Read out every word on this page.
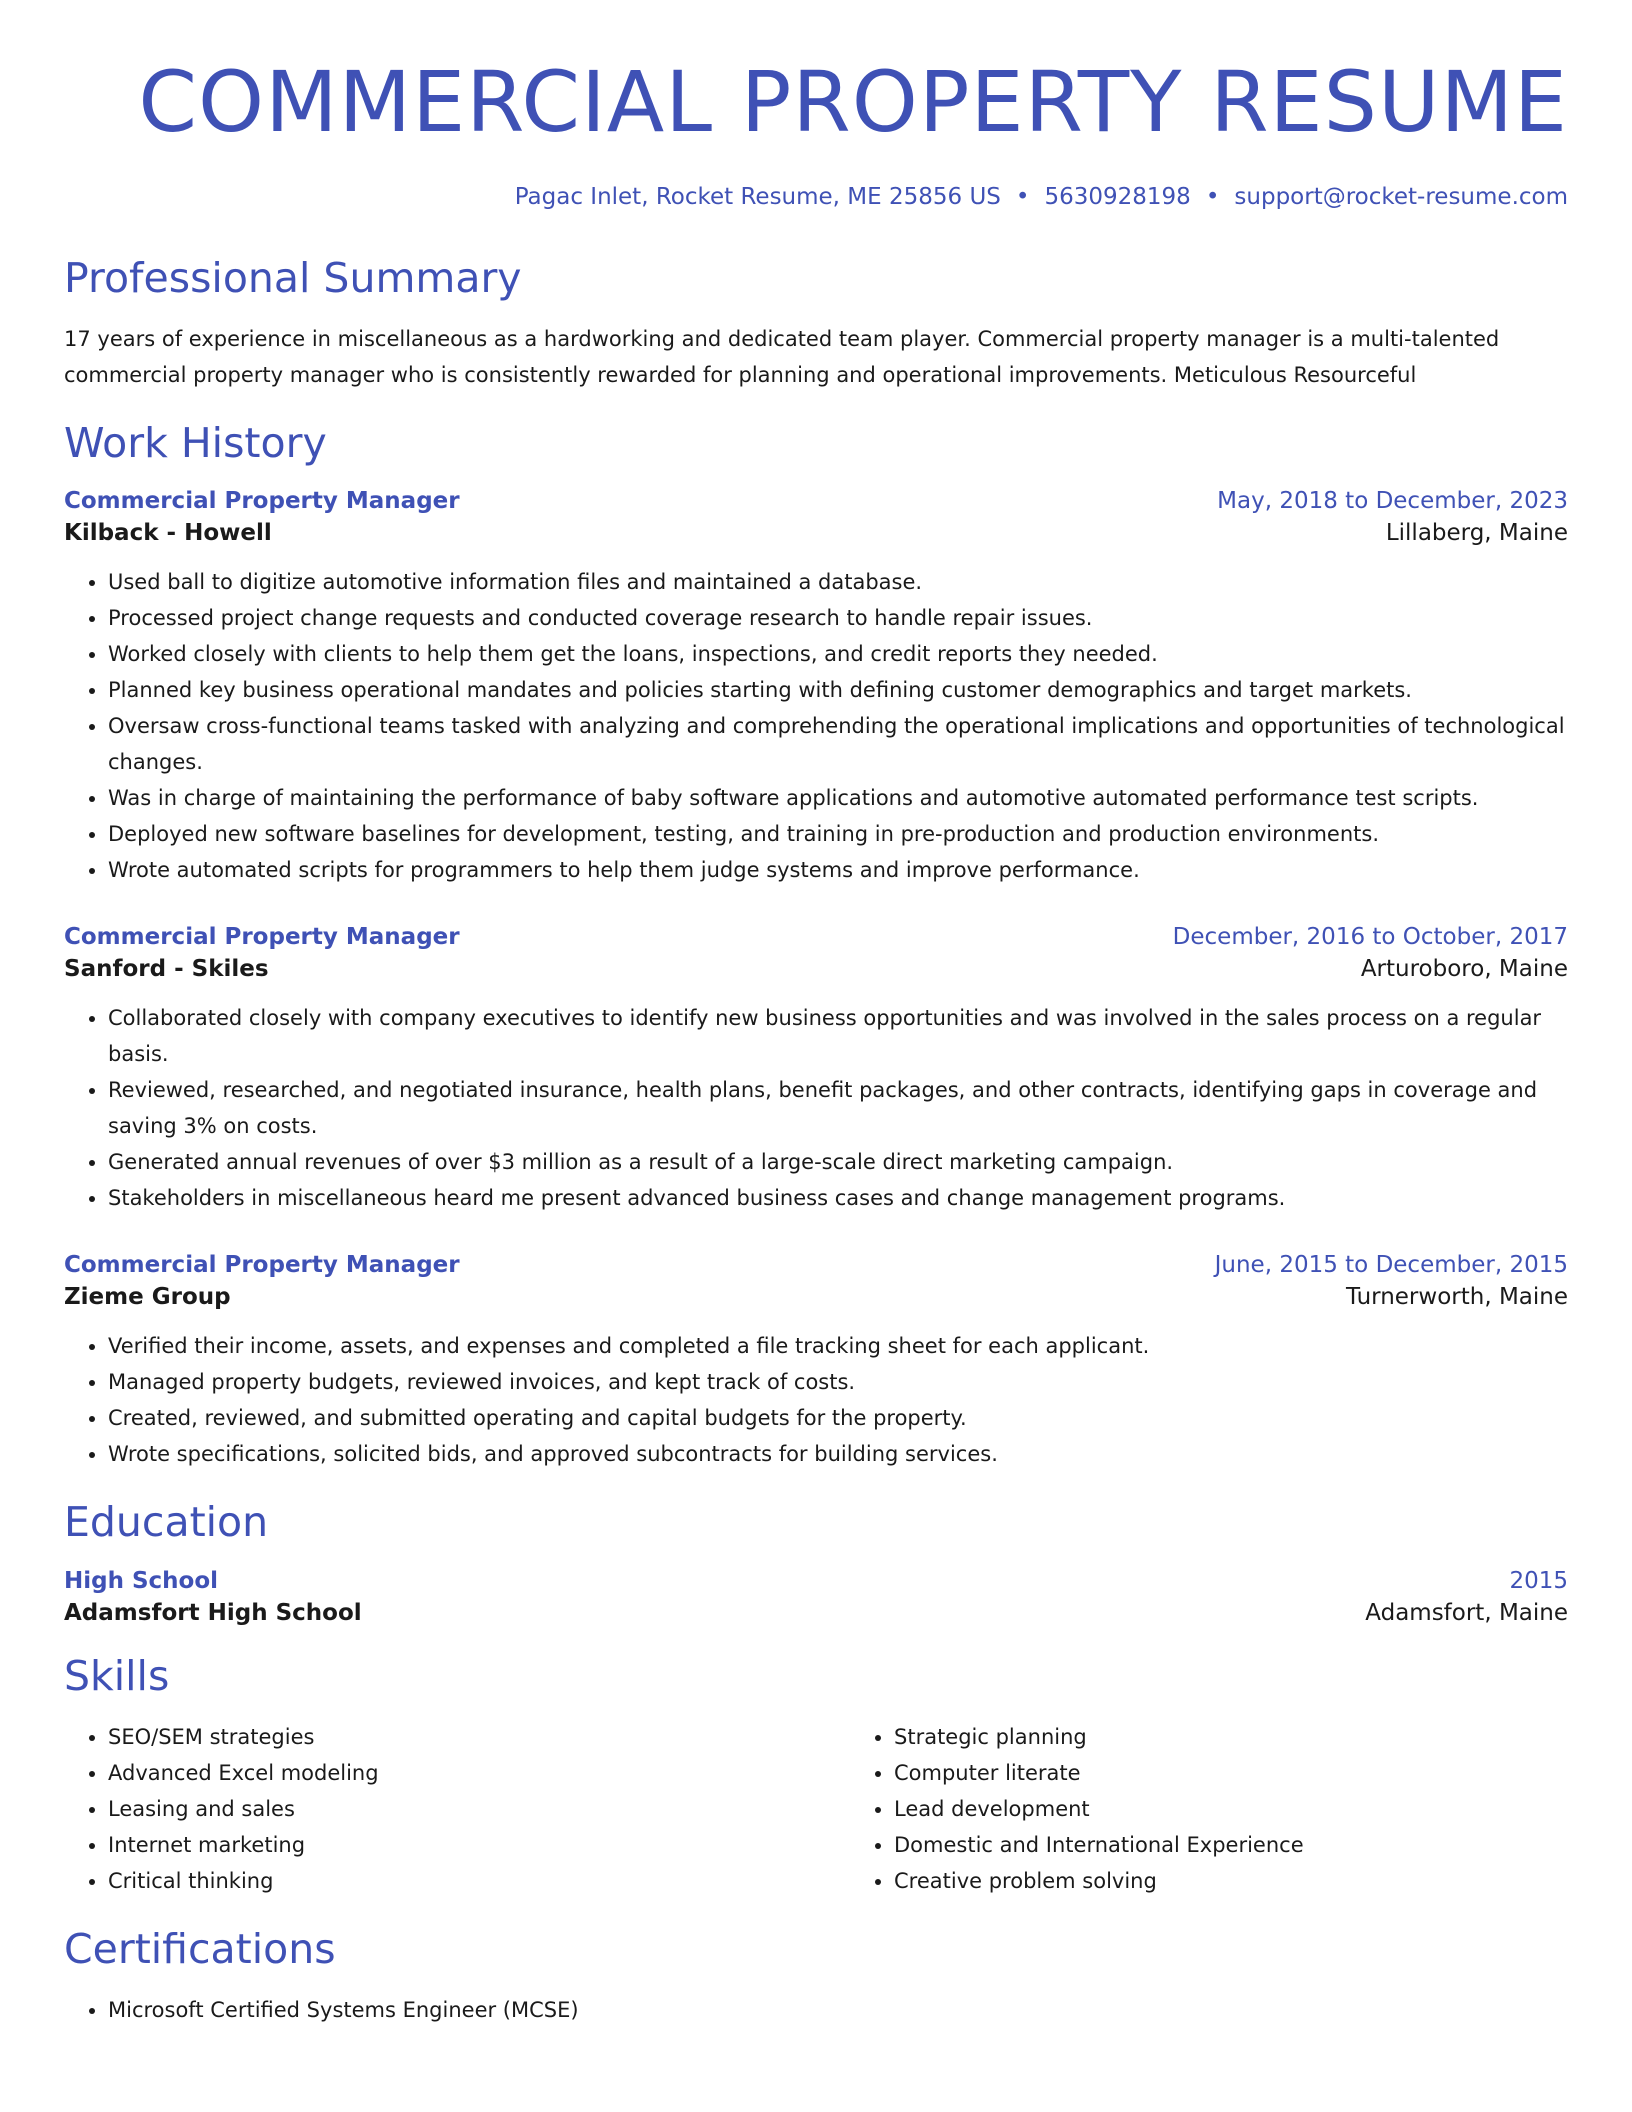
COMMERCIAL PROPERTY RESUME
Pagac Inlet, Rocket Resume, ME 25856 US • 5630928198 • support@rocket-resume.com
Professional Summary
17 years of experience in miscellaneous as a hardworking and dedicated team player. Commercial property manager is a multi-talented commercial property manager who is consistently rewarded for planning and operational improvements. Meticulous Resourceful
Work History
Commercial Property Manager	May, 2018 to December, 2023
Kilback - Howell	Lillaberg, Maine
• Used ball to digitize automotive information files and maintained a database.
• Processed project change requests and conducted coverage research to handle repair issues.
• Worked closely with clients to help them get the loans, inspections, and credit reports they needed.
• Planned key business operational mandates and policies starting with defining customer demographics and target markets.
• Oversaw cross-functional teams tasked with analyzing and comprehending the operational implications and opportunities of technological changes.
• Was in charge of maintaining the performance of baby software applications and automotive automated performance test scripts.
• Deployed new software baselines for development, testing, and training in pre-production and production environments.
• Wrote automated scripts for programmers to help them judge systems and improve performance.
Commercial Property Manager	December, 2016 to October, 2017
Sanford - Skiles	Arturoboro, Maine
• Collaborated closely with company executives to identify new business opportunities and was involved in the sales process on a regular basis.
• Reviewed, researched, and negotiated insurance, health plans, benefit packages, and other contracts, identifying gaps in coverage and saving 3% on costs.
• Generated annual revenues of over $3 million as a result of a large-scale direct marketing campaign.
• Stakeholders in miscellaneous heard me present advanced business cases and change management programs.
Commercial Property Manager	June, 2015 to December, 2015
Zieme Group	Turnerworth, Maine
• Verified their income, assets, and expenses and completed a file tracking sheet for each applicant.
• Managed property budgets, reviewed invoices, and kept track of costs.
• Created, reviewed, and submitted operating and capital budgets for the property.
• Wrote specifications, solicited bids, and approved subcontracts for building services.
Education
High School	2015
Adamsfort High School	Adamsfort, Maine
Skills
• SEO/SEM strategies
• Advanced Excel modeling
• Leasing and sales
• Internet marketing
• Critical thinking
• Strategic planning
• Computer literate
• Lead development
• Domestic and International Experience
• Creative problem solving
Certifications
• Microsoft Certified Systems Engineer (MCSE)
